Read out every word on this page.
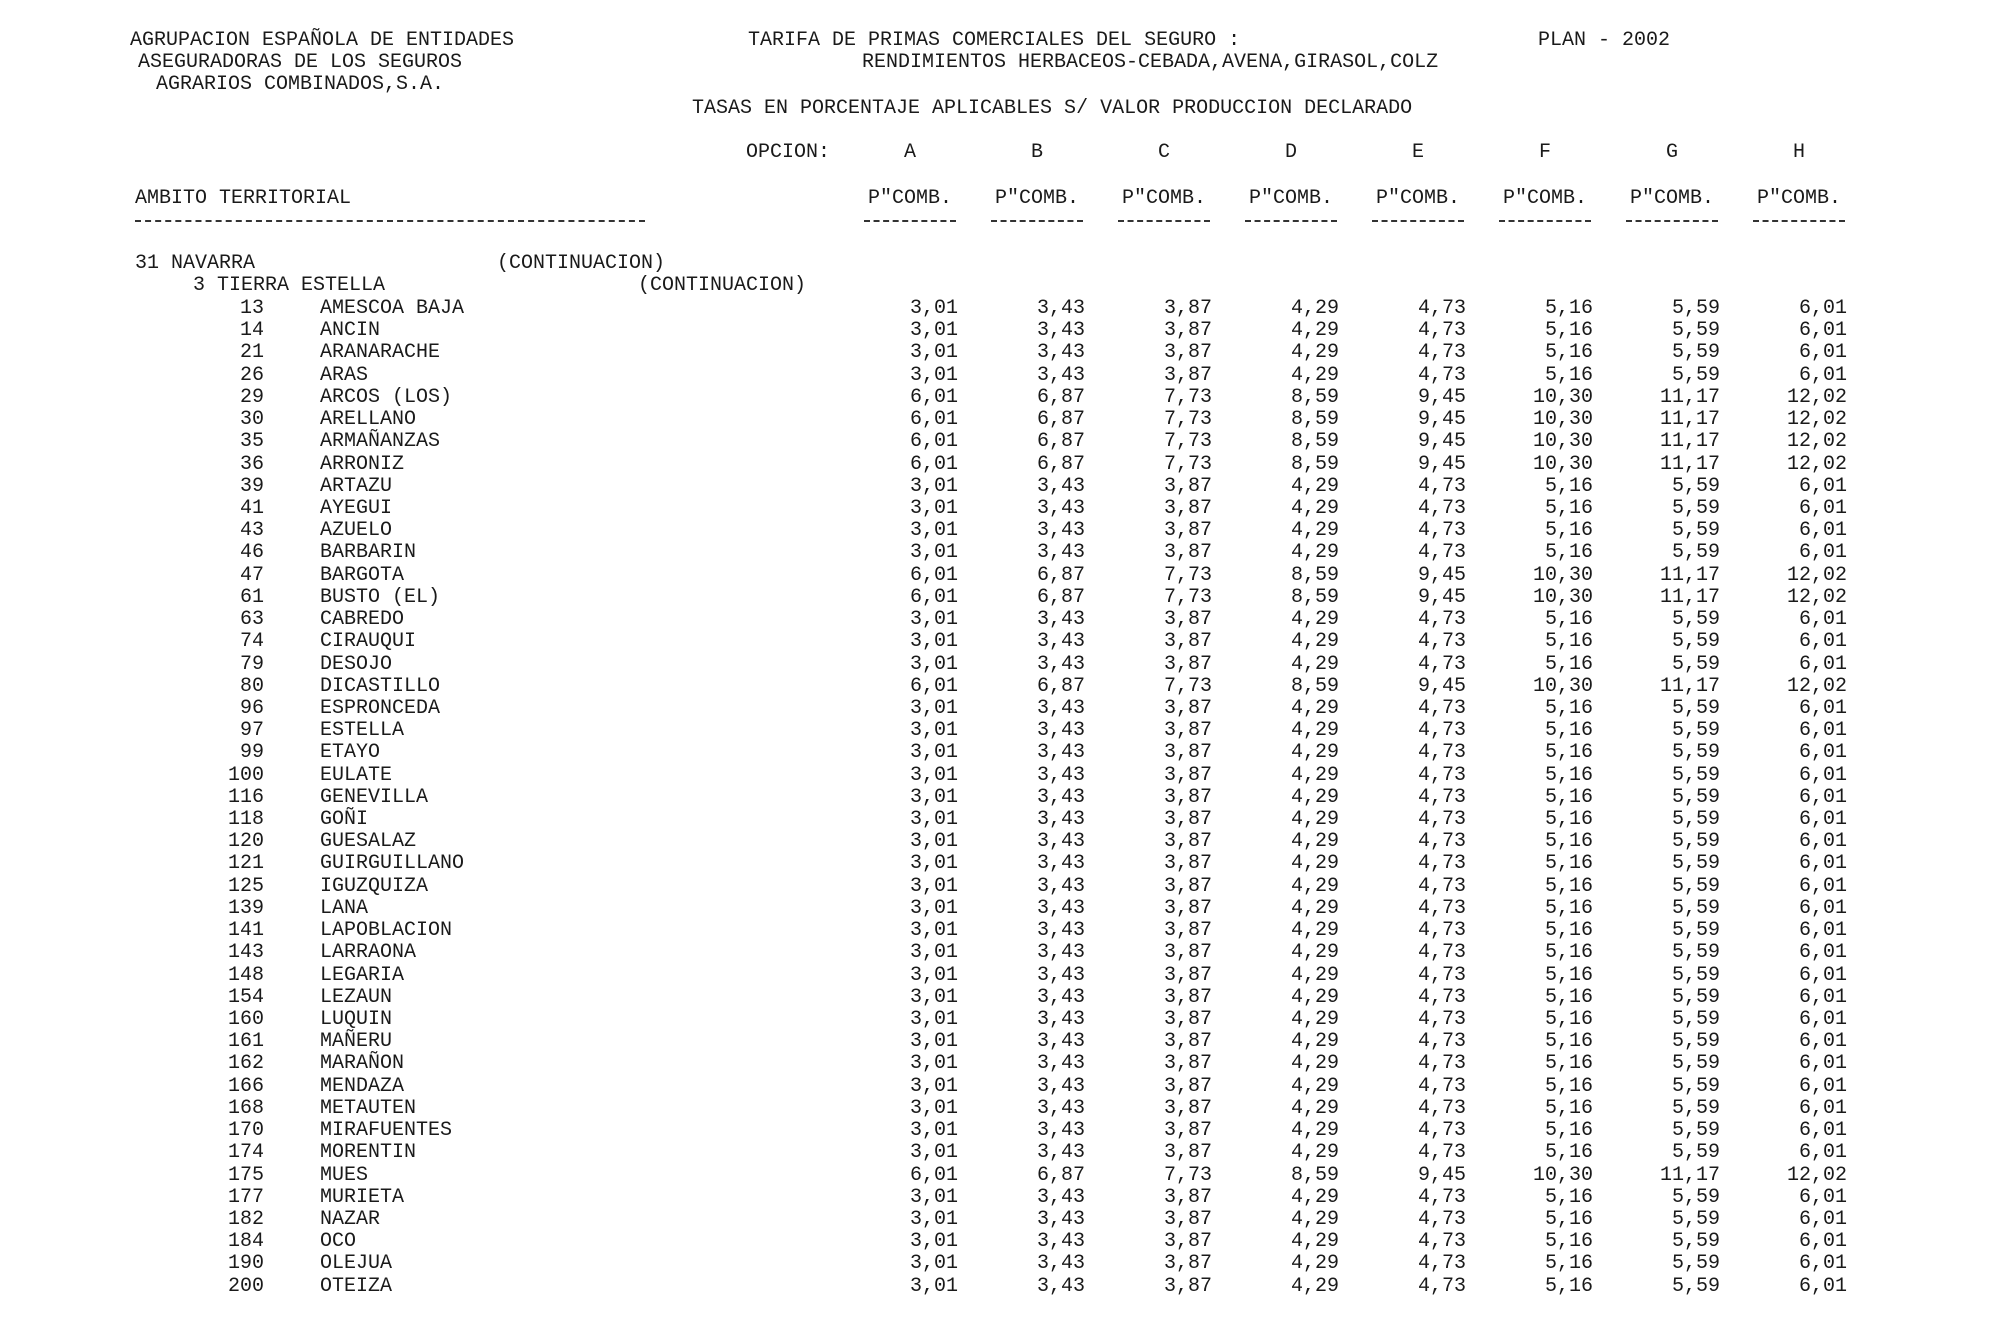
AGRUPACION ESPAÑOLA DE ENTIDADES
ASEGURADORAS DE LOS SEGUROS
AGRARIOS COMBINADOS,S.A.
TARIFA DE PRIMAS COMERCIALES DEL SEGURO :	PLAN - 2002
RENDIMIENTOS HERBACEOS-CEBADA,AVENA,GIRASOL,COLZ
TASAS EN PORCENTAJE APLICABLES S/ VALOR PRODUCCION DECLARADO
OPCION:	A	B	C	D	E	F	G	H
AMBITO TERRITORIAL	P"COMB.	P"COMB.	P"COMB.	P"COMB.	P"COMB.	P"COMB.	P"COMB.	P"COMB.
31 NAVARRA	(CONTINUACION)
3 TIERRA ESTELLA	(CONTINUACION)
13	AMESCOA BAJA	3,01	3,43	3,87	4,29	4,73	5,16	5,59	6,01
14	ANCIN	3,01	3,43	3,87	4,29	4,73	5,16	5,59	6,01
21	ARANARACHE	3,01	3,43	3,87	4,29	4,73	5,16	5,59	6,01
26	ARAS	3,01	3,43	3,87	4,29	4,73	5,16	5,59	6,01
29	ARCOS (LOS)	6,01	6,87	7,73	8,59	9,45	10,30	11,17	12,02
30	ARELLANO	6,01	6,87	7,73	8,59	9,45	10,30	11,17	12,02
35	ARMAÑANZAS	6,01	6,87	7,73	8,59	9,45	10,30	11,17	12,02
36	ARRONIZ	6,01	6,87	7,73	8,59	9,45	10,30	11,17	12,02
39	ARTAZU	3,01	3,43	3,87	4,29	4,73	5,16	5,59	6,01
41	AYEGUI	3,01	3,43	3,87	4,29	4,73	5,16	5,59	6,01
43	AZUELO	3,01	3,43	3,87	4,29	4,73	5,16	5,59	6,01
46	BARBARIN	3,01	3,43	3,87	4,29	4,73	5,16	5,59	6,01
47	BARGOTA	6,01	6,87	7,73	8,59	9,45	10,30	11,17	12,02
61	BUSTO (EL)	6,01	6,87	7,73	8,59	9,45	10,30	11,17	12,02
63	CABREDO	3,01	3,43	3,87	4,29	4,73	5,16	5,59	6,01
74	CIRAUQUI	3,01	3,43	3,87	4,29	4,73	5,16	5,59	6,01
79	DESOJO	3,01	3,43	3,87	4,29	4,73	5,16	5,59	6,01
80	DICASTILLO	6,01	6,87	7,73	8,59	9,45	10,30	11,17	12,02
96	ESPRONCEDA	3,01	3,43	3,87	4,29	4,73	5,16	5,59	6,01
97	ESTELLA	3,01	3,43	3,87	4,29	4,73	5,16	5,59	6,01
99	ETAYO	3,01	3,43	3,87	4,29	4,73	5,16	5,59	6,01
100	EULATE	3,01	3,43	3,87	4,29	4,73	5,16	5,59	6,01
116	GENEVILLA	3,01	3,43	3,87	4,29	4,73	5,16	5,59	6,01
118	GOÑI	3,01	3,43	3,87	4,29	4,73	5,16	5,59	6,01
120	GUESALAZ	3,01	3,43	3,87	4,29	4,73	5,16	5,59	6,01
121	GUIRGUILLANO	3,01	3,43	3,87	4,29	4,73	5,16	5,59	6,01
125	IGUZQUIZA	3,01	3,43	3,87	4,29	4,73	5,16	5,59	6,01
139	LANA	3,01	3,43	3,87	4,29	4,73	5,16	5,59	6,01
141	LAPOBLACION	3,01	3,43	3,87	4,29	4,73	5,16	5,59	6,01
143	LARRAONA	3,01	3,43	3,87	4,29	4,73	5,16	5,59	6,01
148	LEGARIA	3,01	3,43	3,87	4,29	4,73	5,16	5,59	6,01
154	LEZAUN	3,01	3,43	3,87	4,29	4,73	5,16	5,59	6,01
160	LUQUIN	3,01	3,43	3,87	4,29	4,73	5,16	5,59	6,01
161	MAÑERU	3,01	3,43	3,87	4,29	4,73	5,16	5,59	6,01
162	MARAÑON	3,01	3,43	3,87	4,29	4,73	5,16	5,59	6,01
166	MENDAZA	3,01	3,43	3,87	4,29	4,73	5,16	5,59	6,01
168	METAUTEN	3,01	3,43	3,87	4,29	4,73	5,16	5,59	6,01
170	MIRAFUENTES	3,01	3,43	3,87	4,29	4,73	5,16	5,59	6,01
174	MORENTIN	3,01	3,43	3,87	4,29	4,73	5,16	5,59	6,01
175	MUES	6,01	6,87	7,73	8,59	9,45	10,30	11,17	12,02
177	MURIETA	3,01	3,43	3,87	4,29	4,73	5,16	5,59	6,01
182	NAZAR	3,01	3,43	3,87	4,29	4,73	5,16	5,59	6,01
184	OCO	3,01	3,43	3,87	4,29	4,73	5,16	5,59	6,01
190	OLEJUA	3,01	3,43	3,87	4,29	4,73	5,16	5,59	6,01
200	OTEIZA	3,01	3,43	3,87	4,29	4,73	5,16	5,59	6,01
